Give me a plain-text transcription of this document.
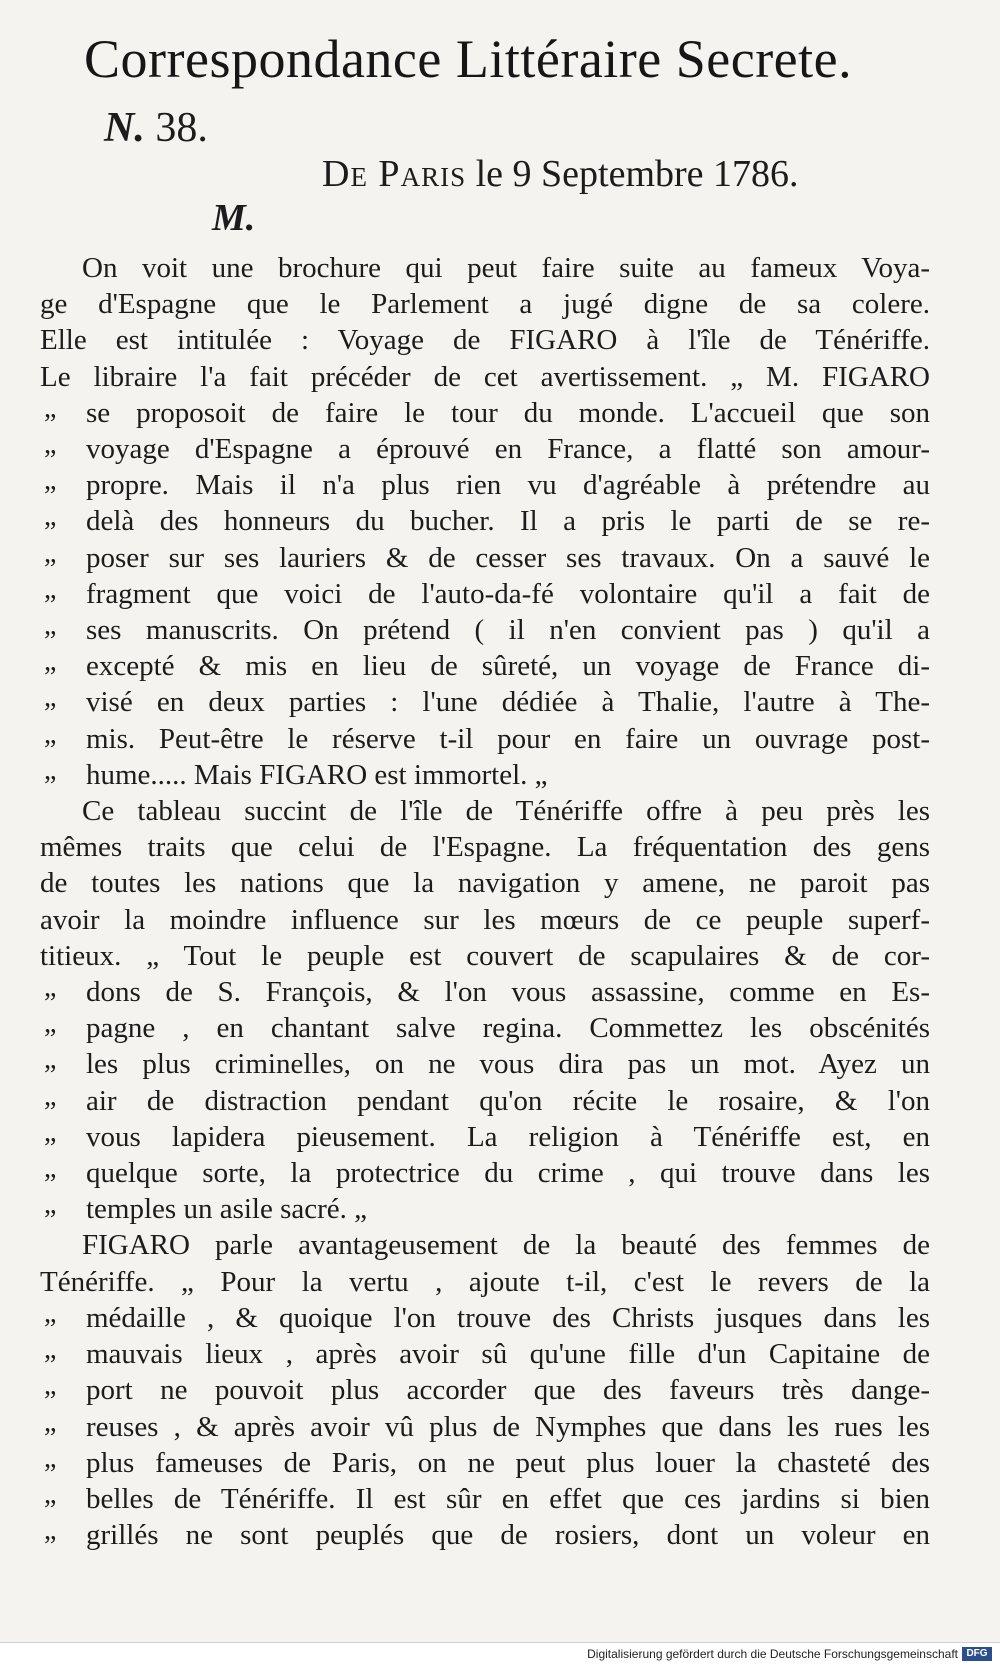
Correspondance Littéraire Secrete.
N. 38.
De Paris le 9 Septembre 1786.
M.
On voit une brochure qui peut faire suite au fameux Voya-
ge d'Espagne que le Parlement a jugé digne de sa colere.
Elle est intitulée : Voyage de FIGARO à l'île de Ténériffe.
Le libraire l'a fait précéder de cet avertissement. „ M. FIGARO
„ se proposoit de faire le tour du monde. L'accueil que son
„ voyage d'Espagne a éprouvé en France, a flatté son amour-
„ propre. Mais il n'a plus rien vu d'agréable à prétendre au
„ delà des honneurs du bucher. Il a pris le parti de se re-
„ poser sur ses lauriers & de cesser ses travaux. On a sauvé le
„ fragment que voici de l'auto-da-fé volontaire qu'il a fait de
„ ses manuscrits. On prétend ( il n'en convient pas ) qu'il a
„ excepté & mis en lieu de sûreté, un voyage de France di-
„ visé en deux parties : l'une dédiée à Thalie, l'autre à The-
„ mis. Peut-être le réserve t-il pour en faire un ouvrage post-
„ hume..... Mais FIGARO est immortel. „
Ce tableau succint de l'île de Ténériffe offre à peu près les
mêmes traits que celui de l'Espagne. La fréquentation des gens
de toutes les nations que la navigation y amene, ne paroit pas
avoir la moindre influence sur les mœurs de ce peuple superf-
titieux. „ Tout le peuple est couvert de scapulaires & de cor-
„ dons de S. François, & l'on vous assassine, comme en Es-
„ pagne , en chantant salve regina. Commettez les obscénités
„ les plus criminelles, on ne vous dira pas un mot. Ayez un
„ air de distraction pendant qu'on récite le rosaire, & l'on
„ vous lapidera pieusement. La religion à Ténériffe est, en
„ quelque sorte, la protectrice du crime , qui trouve dans les
„ temples un asile sacré. „
FIGARO parle avantageusement de la beauté des femmes de
Ténériffe. „ Pour la vertu , ajoute t-il, c'est le revers de la
„ médaille , & quoique l'on trouve des Christs jusques dans les
„ mauvais lieux , après avoir sû qu'une fille d'un Capitaine de
„ port ne pouvoit plus accorder que des faveurs très dange-
„ reuses , & après avoir vû plus de Nymphes que dans les rues les
„ plus fameuses de Paris, on ne peut plus louer la chasteté des
„ belles de Ténériffe. Il est sûr en effet que ces jardins si bien
„ grillés ne sont peuplés que de rosiers, dont un voleur en
Digitalisierung gefördert durch die Deutsche Forschungsgemeinschaft DFG
